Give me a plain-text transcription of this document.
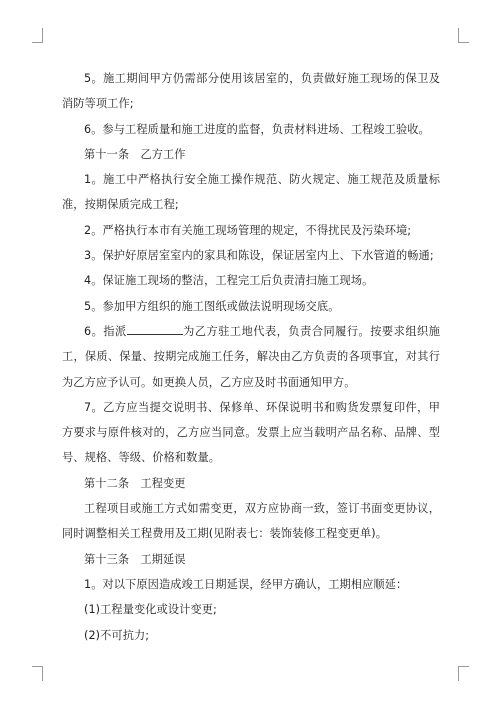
5。施工期间甲方仍需部分使用该居室的，负责做好施工现场的保卫及消防等项工作;

6。参与工程质量和施工进度的监督，负责材料进场、工程竣工验收。

第十一条　乙方工作

1。施工中严格执行安全施工操作规范、防火规定、施工规范及质量标准，按期保质完成工程;

2。严格执行本市有关施工现场管理的规定，不得扰民及污染环境;

3。保护好原居室室内的家具和陈设，保证居室内上、下水管道的畅通;

4。保证施工现场的整洁，工程完工后负责清扫施工现场。

5。参加甲方组织的施工图纸或做法说明现场交底。

6。指派	为乙方驻工地代表，负责合同履行。按要求组织施工，保质、保量、按期完成施工任务，解决由乙方负责的各项事宜，对其行为乙方应予认可。如更换人员，乙方应及时书面通知甲方。

7。乙方应当提交说明书、保修单、环保说明书和购货发票复印件，甲方要求与原件核对的，乙方应当同意。发票上应当载明产品名称、品牌、型号、规格、等级、价格和数量。

第十二条　工程变更

工程项目或施工方式如需变更，双方应协商一致，签订书面变更协议，同时调整相关工程费用及工期(见附表七：装饰装修工程变更单)。

第十三条　工期延误

1。对以下原因造成竣工日期延误，经甲方确认，工期相应顺延：

(1)工程量变化或设计变更;

(2)不可抗力;
